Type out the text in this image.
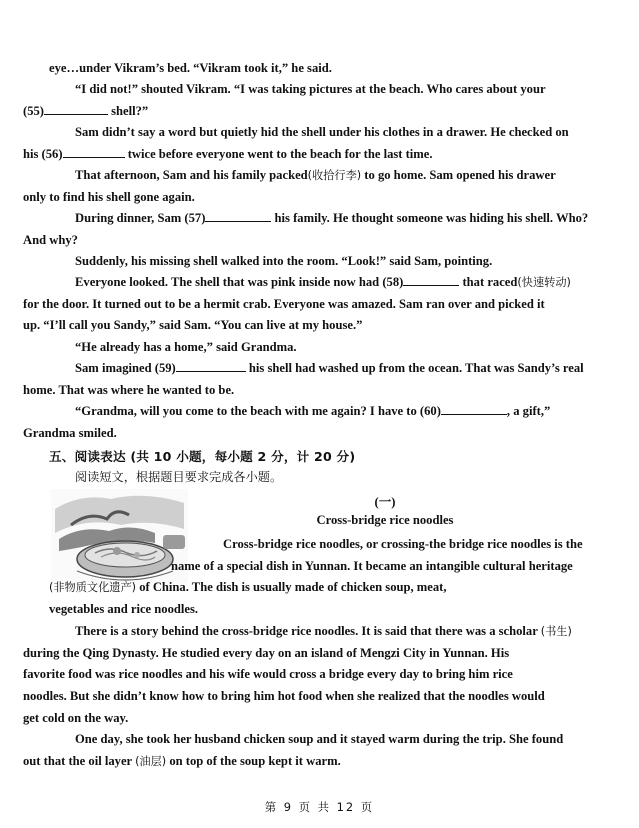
eye…under Vikram’s bed. “Vikram took it,” he said.
“I did not!” shouted Vikram. “I was taking pictures at the beach. Who cares about your
(55)	shell?”
Sam didn’t say a word but quietly hid the shell under his clothes in a drawer. He checked on
his (56)	twice before everyone went to the beach for the last time.
That afternoon, Sam and his family packed(收拾行李) to go home. Sam opened his drawer
only to find his shell gone again.
During dinner, Sam (57)	his family. He thought someone was hiding his shell. Who?
And why?
Suddenly, his missing shell walked into the room. “Look!” said Sam, pointing.
Everyone looked. The shell that was pink inside now had (58)	that raced(快速转动)
for the door. It turned out to be a hermit crab. Everyone was amazed. Sam ran over and picked it
up. “I’ll call you Sandy,” said Sam. “You can live at my house.”
“He already has a home,” said Grandma.
Sam imagined (59)	his shell had washed up from the ocean. That was Sandy’s real
home. That was where he wanted to be.
“Grandma, will you come to the beach with me again? I have to (60)	, a gift,”
Grandma smiled.
五、阅读表达 (共 10 小题，每小题 2 分，计 20 分)
阅读短文，根据题目要求完成各小题。
(一)
Cross-bridge rice noodles
Cross-bridge rice noodles, or crossing-the bridge rice noodles is the
name of a special dish in Yunnan. It became an intangible cultural heritage
(非物质文化遗产) of China. The dish is usually made of chicken soup, meat,
vegetables and rice noodles.
There is a story behind the cross-bridge rice noodles. It is said that there was a scholar (书生)
during the Qing Dynasty. He studied every day on an island of Mengzi City in Yunnan. His
favorite food was rice noodles and his wife would cross a bridge every day to bring him rice
noodles. But she didn’t know how to bring him hot food when she realized that the noodles would
get cold on the way.
One day, she took her husband chicken soup and it stayed warm during the trip. She found
out that the oil layer (油层) on top of the soup kept it warm.
第 9 页 共 12 页
